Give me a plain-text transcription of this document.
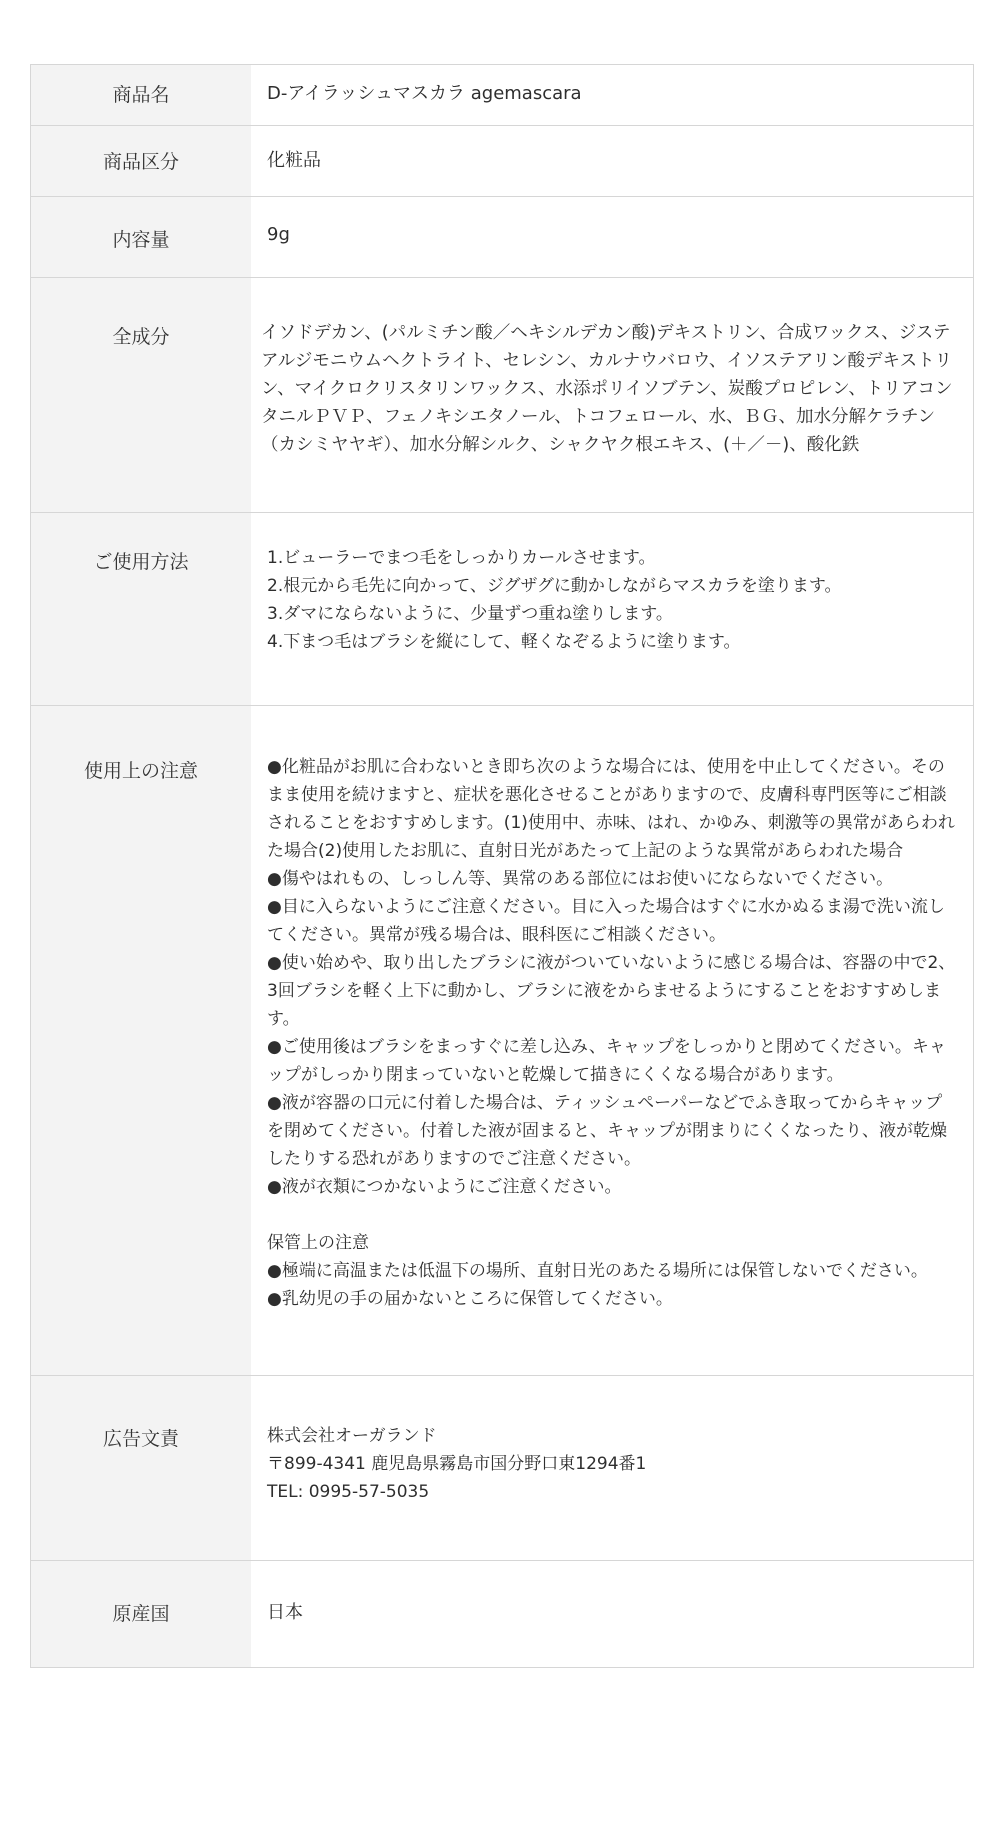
商品名	D-アイラッシュマスカラ agemascara
商品区分	化粧品
内容量	9g
全成分	イソドデカン、(パルミチン酸／ヘキシルデカン酸)デキストリン、合成ワックス、ジステアルジモニウムヘクトライト、セレシン、カルナウバロウ、イソステアリン酸デキストリン、マイクロクリスタリンワックス、水添ポリイソブテン、炭酸プロピレン、トリアコンタニルＰＶＰ、フェノキシエタノール、トコフェロール、水、ＢＧ、加水分解ケラチン（カシミヤヤギ）、加水分解シルク、シャクヤク根エキス、(＋／－)、酸化鉄
ご使用方法	1.ビューラーでまつ毛をしっかりカールさせます。
2.根元から毛先に向かって、ジグザグに動かしながらマスカラを塗ります。
3.ダマにならないように、少量ずつ重ね塗りします。
4.下まつ毛はブラシを縦にして、軽くなぞるように塗ります。
使用上の注意	●化粧品がお肌に合わないとき即ち次のような場合には、使用を中止してください。そのまま使用を続けますと、症状を悪化させることがありますので、皮膚科専門医等にご相談されることをおすすめします。(1)使用中、赤味、はれ、かゆみ、刺激等の異常があらわれた場合(2)使用したお肌に、直射日光があたって上記のような異常があらわれた場合
●傷やはれもの、しっしん等、異常のある部位にはお使いにならないでください。
●目に入らないようにご注意ください。目に入った場合はすぐに水かぬるま湯で洗い流してください。異常が残る場合は、眼科医にご相談ください。
●使い始めや、取り出したブラシに液がついていないように感じる場合は、容器の中で2、3回ブラシを軽く上下に動かし、ブラシに液をからませるようにすることをおすすめします。
●ご使用後はブラシをまっすぐに差し込み、キャップをしっかりと閉めてください。キャップがしっかり閉まっていないと乾燥して描きにくくなる場合があります。
●液が容器の口元に付着した場合は、ティッシュペーパーなどでふき取ってからキャップを閉めてください。付着した液が固まると、キャップが閉まりにくくなったり、液が乾燥したりする恐れがありますのでご注意ください。
●液が衣類につかないようにご注意ください。
保管上の注意
●極端に高温または低温下の場所、直射日光のあたる場所には保管しないでください。
●乳幼児の手の届かないところに保管してください。
広告文責	株式会社オーガランド
〒899-4341 鹿児島県霧島市国分野口東1294番1
TEL: 0995-57-5035
原産国	日本
